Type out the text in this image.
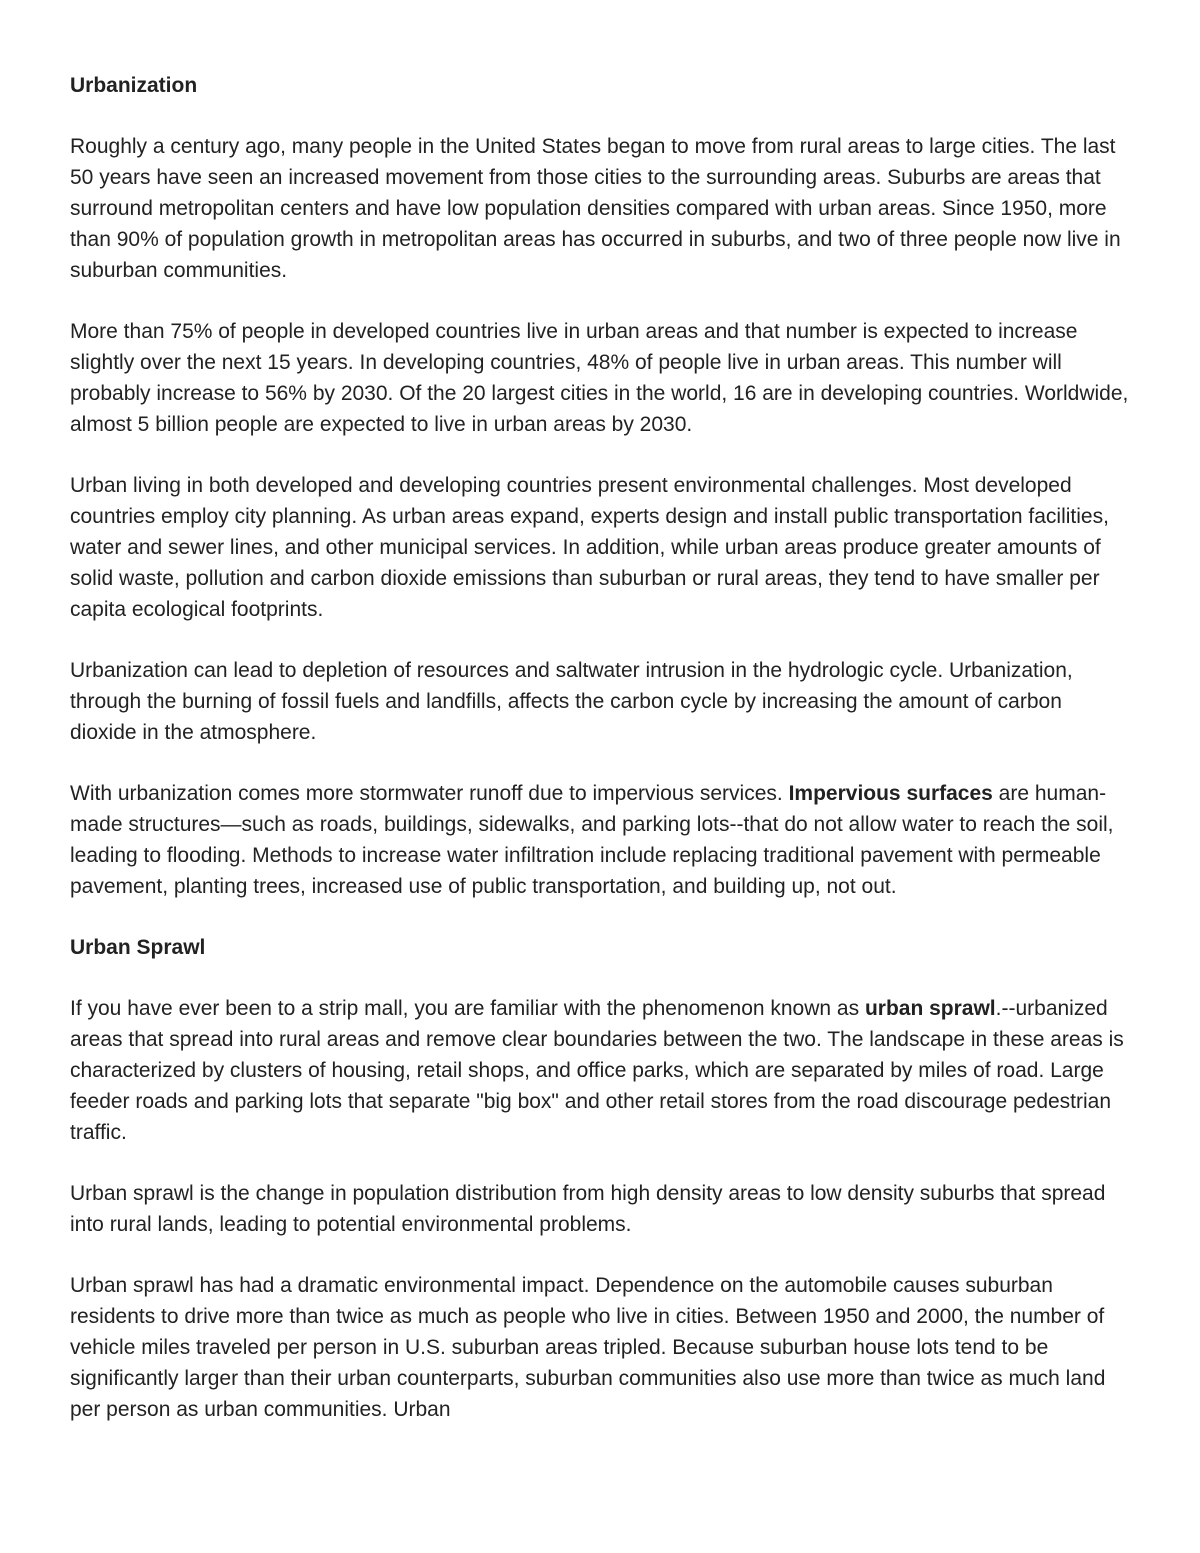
Urbanization
Roughly a century ago, many people in the United States began to move from rural areas to large cities. The last 50 years have seen an increased movement from those cities to the surrounding areas. Suburbs are areas that surround metropolitan centers and have low population densities compared with urban areas. Since 1950, more than 90% of population growth in metropolitan areas has occurred in suburbs, and two of three people now live in suburban communities.
More than 75% of people in developed countries live in urban areas and that number is expected to increase slightly over the next 15 years. In developing countries, 48% of people live in urban areas. This number will probably increase to 56% by 2030. Of the 20 largest cities in the world, 16 are in developing countries. Worldwide, almost 5 billion people are expected to live in urban areas by 2030.
Urban living in both developed and developing countries present environmental challenges. Most developed countries employ city planning. As urban areas expand, experts design and install public transportation facilities, water and sewer lines, and other municipal services. In addition, while urban areas produce greater amounts of solid waste, pollution and carbon dioxide emissions than suburban or rural areas, they tend to have smaller per capita ecological footprints.
Urbanization can lead to depletion of resources and saltwater intrusion in the hydrologic cycle. Urbanization, through the burning of fossil fuels and landfills, affects the carbon cycle by increasing the amount of carbon dioxide in the atmosphere.
With urbanization comes more stormwater runoff due to impervious services. Impervious surfaces are human-made structures—such as roads, buildings, sidewalks, and parking lots--that do not allow water to reach the soil, leading to flooding. Methods to increase water infiltration include replacing traditional pavement with permeable pavement, planting trees, increased use of public transportation, and building up, not out.
Urban Sprawl
If you have ever been to a strip mall, you are familiar with the phenomenon known as urban sprawl.--urbanized areas that spread into rural areas and remove clear boundaries between the two. The landscape in these areas is characterized by clusters of housing, retail shops, and office parks, which are separated by miles of road. Large feeder roads and parking lots that separate "big box" and other retail stores from the road discourage pedestrian traffic.
Urban sprawl is the change in population distribution from high density areas to low density suburbs that spread into rural lands, leading to potential environmental problems.
Urban sprawl has had a dramatic environmental impact. Dependence on the automobile causes suburban residents to drive more than twice as much as people who live in cities. Between 1950 and 2000, the number of vehicle miles traveled per person in U.S. suburban areas tripled. Because suburban house lots tend to be significantly larger than their urban counterparts, suburban communities also use more than twice as much land per person as urban communities. Urban
